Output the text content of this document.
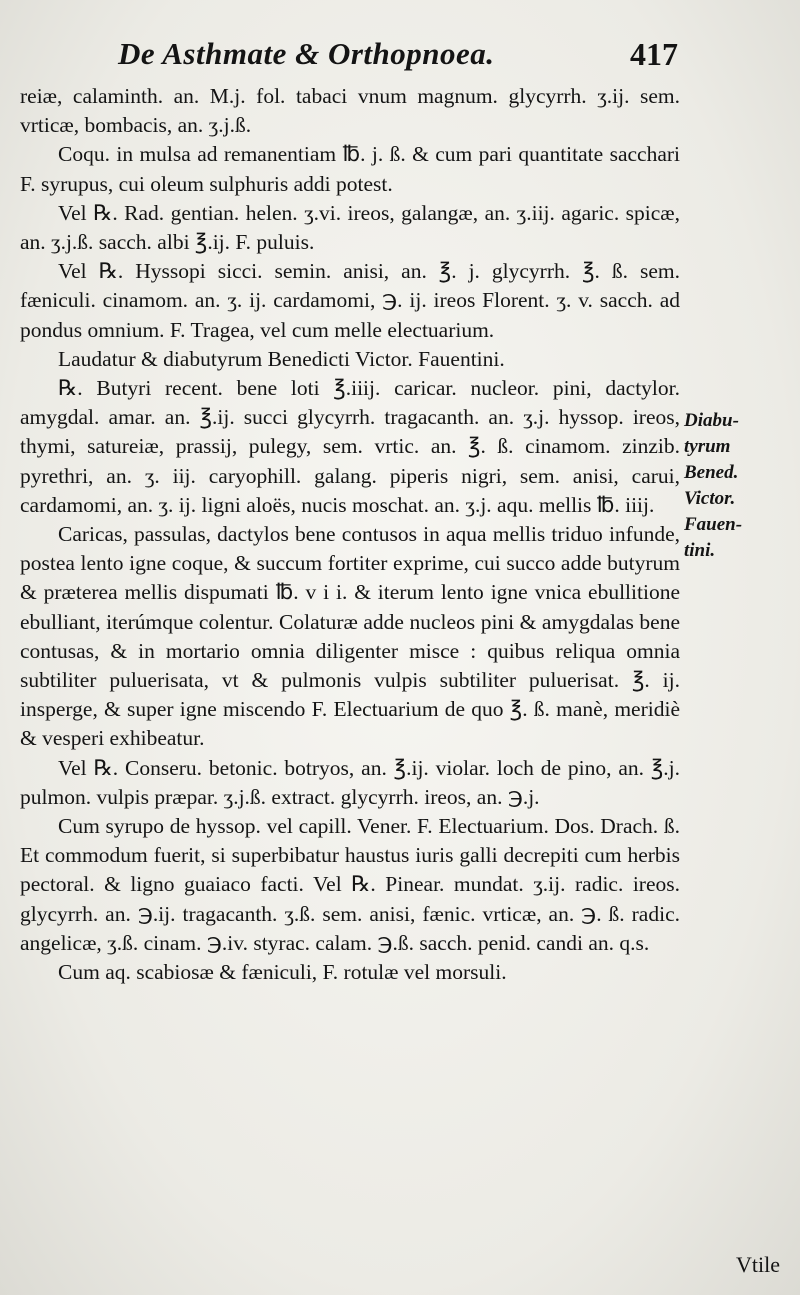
De Asthmate & Orthopnoea.	417

reiæ, calaminth. an. M.j. fol. tabaci vnum magnum. glycyrrh. ʒ.ij. sem. vrticæ, bombacis, an. ʒ.j.ß.

Coqu. in mulsa ad remanentiam ℔. j. ß. & cum pari quantitate sacchari F. syrupus, cui oleum sulphuris addi potest.

Vel ℞. Rad. gentian. helen. ʒ.vi. ireos, galangæ, an. ʒ.iij. agaric. spicæ, an. ʒ.j.ß. sacch. albi ℥.ij. F. puluis.

Vel ℞. Hyssopi sicci. semin. anisi, an. ℥. j. glycyrrh. ℥. ß. sem. fæniculi. cinamom. an. ʒ. ij. cardamomi, ℈. ij. ireos Florent. ʒ. v. sacch. ad pondus omnium. F. Tragea, vel cum melle electuarium.

Laudatur & diabutyrum Benedicti Victor. Fauentini.

℞. Butyri recent. bene loti ℥.iiij. caricar. nucleor. pini, dactylor. amygdal. amar. an. ℥.ij. succi glycyrrh. tragacanth. an. ʒ.j. hyssop. ireos, thymi, satureiæ, prassij, pulegy, sem. vrtic. an. ℥. ß. cinamom. zinzib. pyrethri, an. ʒ. iij. caryophill. galang. piperis nigri, sem. anisi, carui, cardamomi, an. ʒ. ij. ligni aloës, nucis moschat. an. ʒ.j. aqu. mellis ℔. iiij.

Caricas, passulas, dactylos bene contusos in aqua mellis triduo infunde, postea lento igne coque, & succum fortiter exprime, cui succo adde butyrum & præterea mellis dispumati ℔. v i i. & iterum lento igne vnica ebullitione ebulliant, iterúmque colentur. Colaturæ adde nucleos pini & amygdalas bene contusas, & in mortario omnia diligenter misce : quibus reliqua omnia subtiliter puluerisata, vt & pulmonis vulpis subtiliter puluerisat. ℥. ij. insperge, & super igne miscendo F. Electuarium de quo ℥. ß. manè, meridiè & vesperi exhibeatur.

Vel ℞. Conseru. betonic. botryos, an. ℥.ij. violar. loch de pino, an. ℥.j. pulmon. vulpis præpar. ʒ.j.ß. extract. glycyrrh. ireos, an. ℈.j.

Cum syrupo de hyssop. vel capill. Vener. F. Electuarium. Dos. Drach. ß. Et commodum fuerit, si superbibatur haustus iuris galli decrepiti cum herbis pectoral. & ligno guaiaco facti. Vel ℞. Pinear. mundat. ʒ.ij. radic. ireos. glycyrrh. an. ℈.ij. tragacanth. ʒ.ß. sem. anisi, fænic. vrticæ, an. ℈. ß. radic. angelicæ, ʒ.ß. cinam. ℈.iv. styrac. calam. ℈.ß. sacch. penid. candi an. q.s.

Cum aq. scabiosæ & fæniculi, F. rotulæ vel morsuli.

Diabu-
tyrum
Bened.
Victor.
Fauen-
tini.
Vtile
